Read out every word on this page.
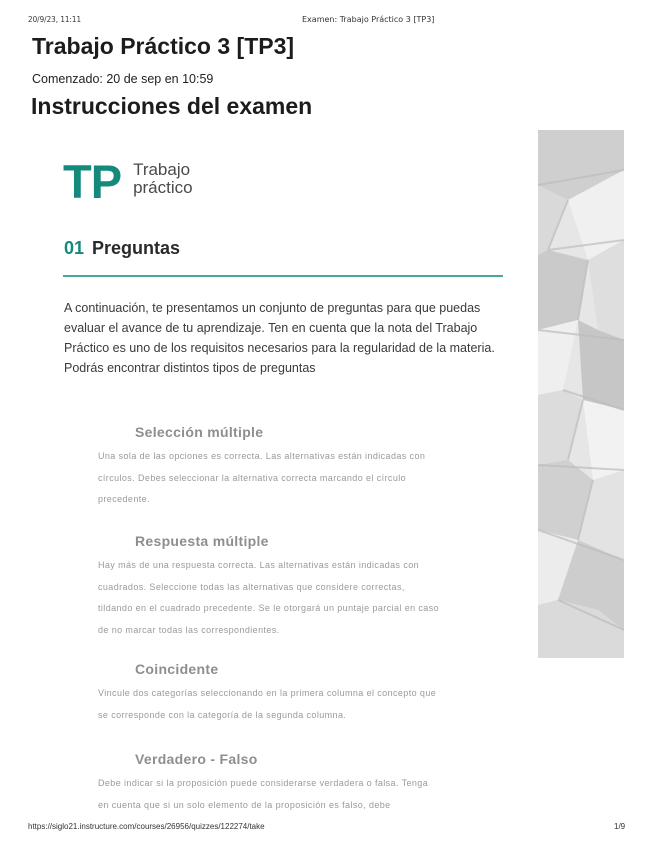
20/9/23, 11:11	Examen: Trabajo Práctico 3 [TP3]
Trabajo Práctico 3 [TP3]
Comenzado: 20 de sep en 10:59
Instrucciones del examen
TP Trabajo
práctico
01 Preguntas
A continuación, te presentamos un conjunto de preguntas para que puedas evaluar el avance de tu aprendizaje. Ten en cuenta que la nota del Trabajo Práctico es uno de los requisitos necesarios para la regularidad de la materia. Podrás encontrar distintos tipos de preguntas
Selección múltiple
Una sola de las opciones es correcta. Las alternativas están indicadas con
círculos. Debes seleccionar la alternativa correcta marcando el círculo
precedente.
Respuesta múltiple
Hay más de una respuesta correcta. Las alternativas están indicadas con
cuadrados. Seleccione todas las alternativas que considere correctas,
tildando en el cuadrado precedente. Se le otorgará un puntaje parcial en caso
de no marcar todas las correspondientes.
Coincidente
Vincule dos categorías seleccionando en la primera columna el concepto que
se corresponde con la categoría de la segunda columna.
Verdadero - Falso
Debe indicar si la proposición puede considerarse verdadera o falsa. Tenga
en cuenta que si un solo elemento de la proposición es falso, debe
https://siglo21.instructure.com/courses/26956/quizzes/122274/take	1/9
